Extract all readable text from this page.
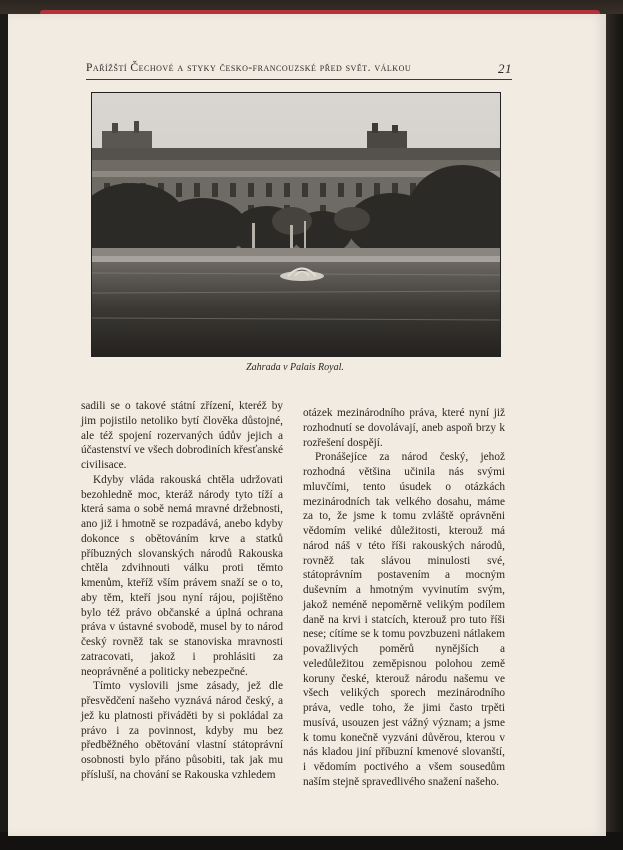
Pařížští Čechové a styky česko-francouzské před svět. válkou	21
Zahrada v Palais Royal.

sadili se o takové státní zřízení, kteréž by jim pojistilo netoliko bytí člověka důstojné, ale též spojení rozervaných údův jejich a účastenství ve všech dobrodiních křesťanské civilisace.

Kdyby vláda rakouská chtěla udržovati bezohledně moc, kteráž národy tyto tíží a která sama o sobě nemá mravné držebnosti, ano již i hmotně se rozpadává, anebo kdyby dokonce s obětováním krve a statků příbuzných slovanských národů Rakouska chtěla zdvihnouti válku proti těmto kmenům, kteříž vším právem snaží se o to, aby těm, kteří jsou nyní rájou, pojištěno bylo též právo občanské a úplná ochrana práva v ústavné svobodě, musel by to národ český rovněž tak se stanoviska mravnosti zatracovati, jakož i prohlásiti za neoprávněné a politicky nebezpečné.

Tímto vyslovili jsme zásady, jež dle přesvědčení našeho vyznává národ český, a jež ku platnosti přiváděti by si pokládal za právo i za povinnost, kdyby mu bez předběžného obětování vlastní státoprávní osobnosti bylo přáno působiti, tak jak mu přísluší, na chování se Rakouska vzhledem

otázek mezinárodního práva, které nyní již rozhodnutí se dovolávají, aneb aspoň brzy k rozřešení dospějí.

Pronášejíce za národ český, jehož rozhodná většina učinila nás svými mluvčími, tento úsudek o otázkách mezinárodních tak velkého dosahu, máme za to, že jsme k tomu zvláště oprávněni vědomím veliké důležitosti, kterouž má národ náš v této říši rakouských národů, rovněž tak slávou minulosti své, státoprávním postavením a mocným duševním a hmotným vyvinutím svým, jakož neméně nepoměrně velikým podílem daně na krvi i statcích, kterouž pro tuto říši nese; cítíme se k tomu povzbuzeni nátlakem považlivých poměrů nynějších a veledůležitou zeměpisnou polohou země koruny české, kterouž národu našemu ve všech velikých sporech mezinárodního práva, vedle toho, že jimi často trpěti musívá, usouzen jest vážný význam; a jsme k tomu konečně vyzváni důvěrou, kterou v nás kladou jiní příbuzní kmenové slovanští, i vědomím poctivého a všem sousedům naším stejně spravedlivého snažení našeho.
